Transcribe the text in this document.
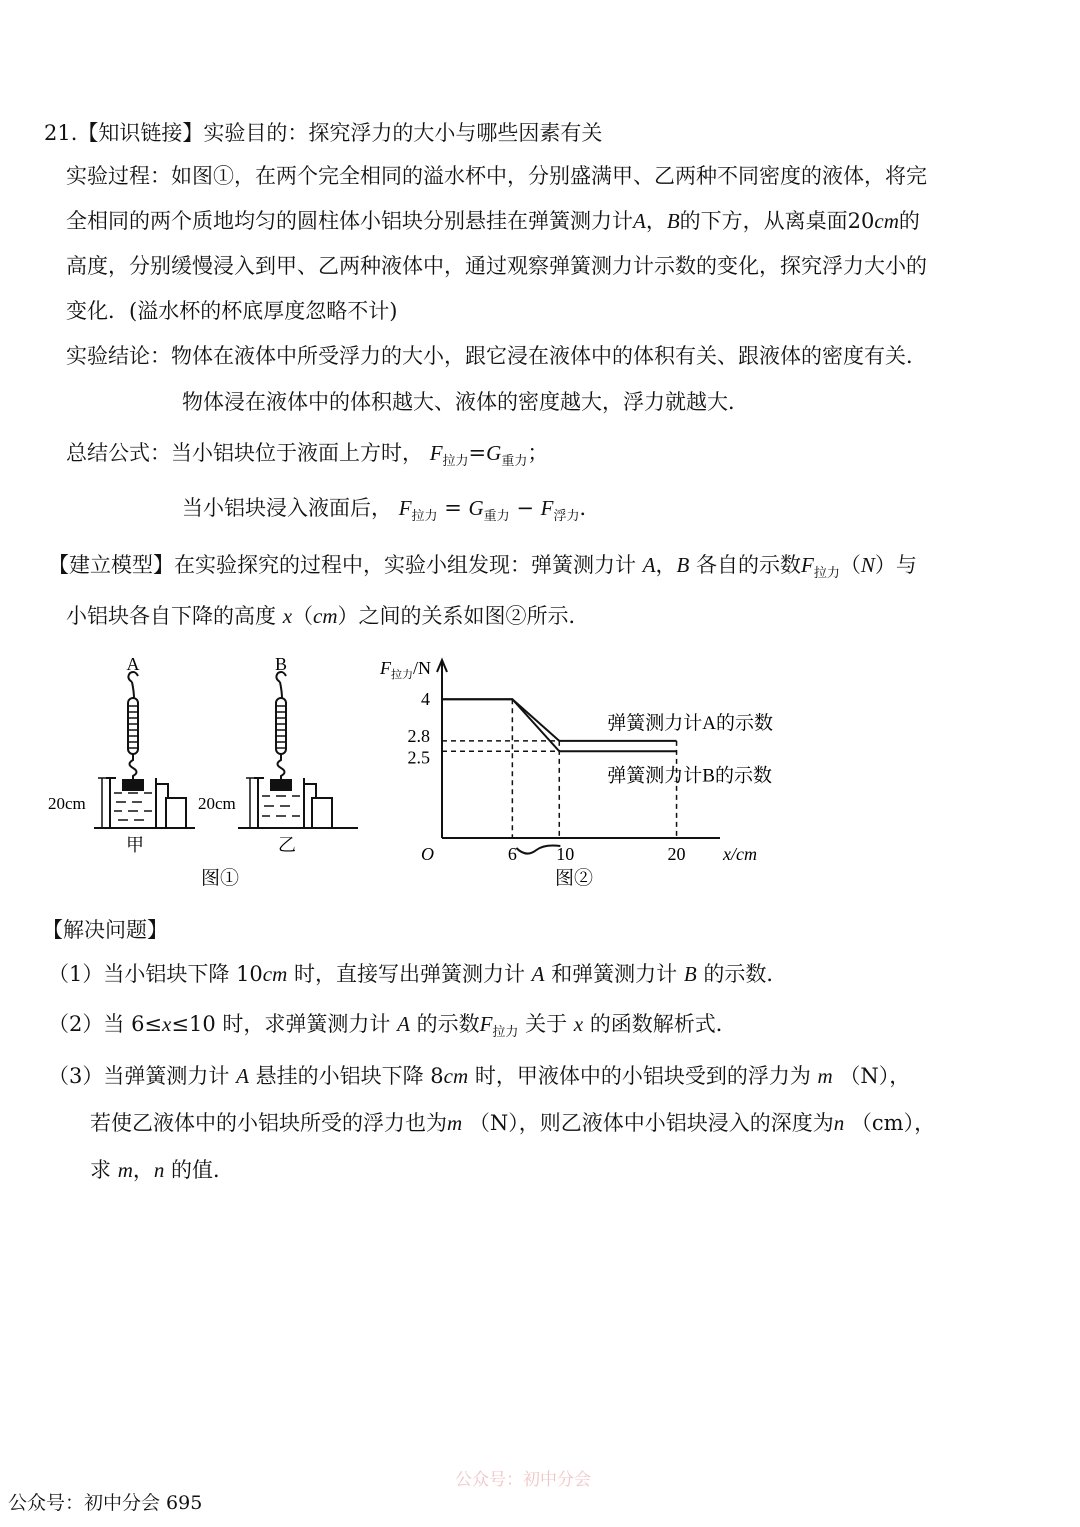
21.【知识链接】实验目的：探究浮力的大小与哪些因素有关
实验过程：如图①，在两个完全相同的溢水杯中，分别盛满甲、乙两种不同密度的液体，将完
全相同的两个质地均匀的圆柱体小铝块分别悬挂在弹簧测力计A，B的下方，从离桌面20cm的
高度，分别缓慢浸入到甲、乙两种液体中，通过观察弹簧测力计示数的变化，探究浮力大小的
变化．(溢水杯的杯底厚度忽略不计)
实验结论：物体在液体中所受浮力的大小，跟它浸在液体中的体积有关、跟液体的密度有关．
物体浸在液体中的体积越大、液体的密度越大，浮力就越大．
总结公式：当小铝块位于液面上方时， $F_{拉力}=G_{重力}$；
当小铝块浸入液面后， $F_{拉力} = G_{重力} - F_{浮力}$．
【建立模型】在实验探究的过程中，实验小组发现：弹簧测力计 A，B 各自的示数$F_{拉力}(N)$与
小铝块各自下降的高度 x（cm）之间的关系如图②所示．
A	B
20cm	20cm
甲	乙
图①
$F_{拉力}/N$
4
2.8
2.5
6 10	20
O	x/cm
弹簧测力计A的示数
弹簧测力计B的示数
图②
【解决问题】
（1）当小铝块下降 10cm 时，直接写出弹簧测力计 A 和弹簧测力计 B 的示数．
（2）当 6≤x≤10 时，求弹簧测力计 A 的示数$F_{拉力}$ 关于 x 的函数解析式．
（3）当弹簧测力计 A 悬挂的小铝块下降 8cm 时，甲液体中的小铝块受到的浮力为 m （N），
若使乙液体中的小铝块所受的浮力也为m （N），则乙液体中小铝块浸入的深度为n （cm），
求 m，n 的值．
公众号：初中分会
公众号：初中分会 695
